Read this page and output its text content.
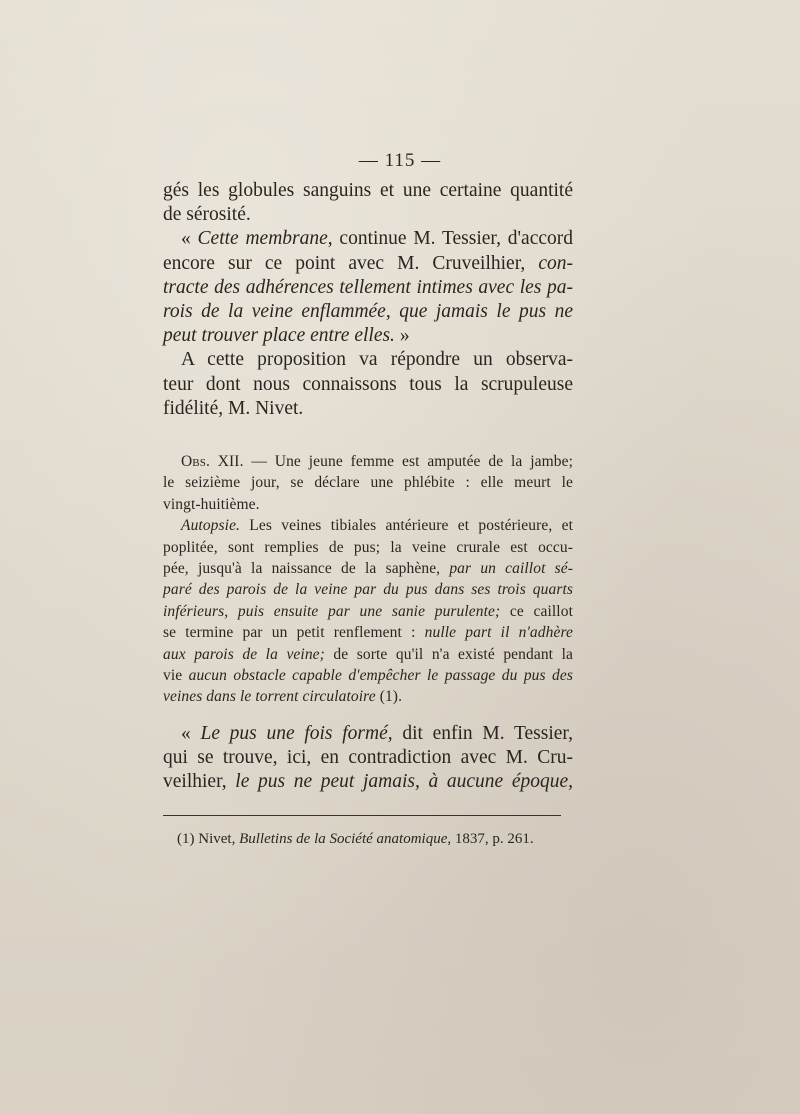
— 115 —
gés les globules sanguins et une certaine quantité
de sérosité.
« Cette membrane, continue M. Tessier, d'accord
encore sur ce point avec M. Cruveilhier, con-
tracte des adhérences tellement intimes avec les pa-
rois de la veine enflammée, que jamais le pus ne
peut trouver place entre elles. »
A cette proposition va répondre un observa-
teur dont nous connaissons tous la scrupuleuse
fidélité, M. Nivet.
Obs. XII. — Une jeune femme est amputée de la jambe;
le seizième jour, se déclare une phlébite : elle meurt le
vingt-huitième.
Autopsie. Les veines tibiales antérieure et postérieure, et
poplitée, sont remplies de pus; la veine crurale est occu-
pée, jusqu'à la naissance de la saphène, par un caillot sé-
paré des parois de la veine par du pus dans ses trois quarts
inférieurs, puis ensuite par une sanie purulente; ce caillot
se termine par un petit renflement : nulle part il n'adhère
aux parois de la veine; de sorte qu'il n'a existé pendant la
vie aucun obstacle capable d'empêcher le passage du pus des
veines dans le torrent circulatoire (1).
« Le pus une fois formé, dit enfin M. Tessier,
qui se trouve, ici, en contradiction avec M. Cru-
veilhier, le pus ne peut jamais, à aucune époque,
(1) Nivet, Bulletins de la Société anatomique, 1837, p. 261.
